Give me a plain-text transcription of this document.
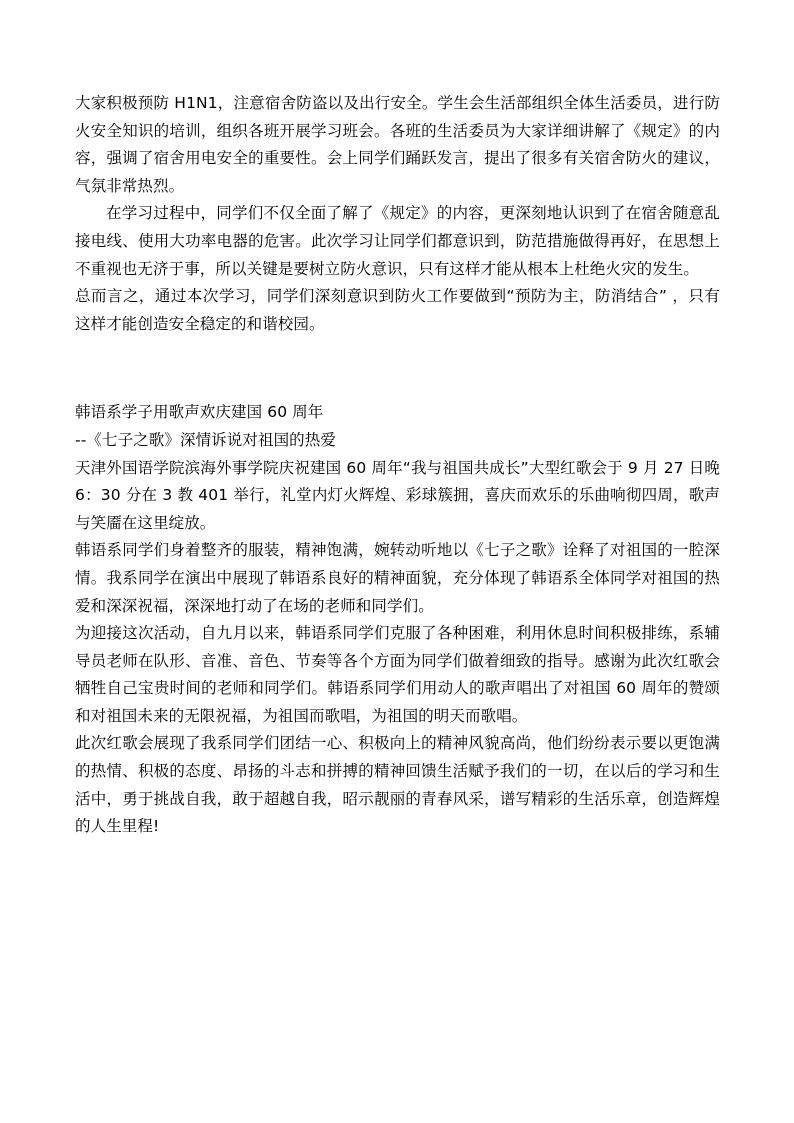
大家积极预防 H1N1，注意宿舍防盗以及出行安全。学生会生活部组织全体生活委员，进行防火安全知识的培训，组织各班开展学习班会。各班的生活委员为大家详细讲解了《规定》的内容，强调了宿舍用电安全的重要性。会上同学们踊跃发言，提出了很多有关宿舍防火的建议，气氛非常热烈。

在学习过程中，同学们不仅全面了解了《规定》的内容，更深刻地认识到了在宿舍随意乱接电线、使用大功率电器的危害。此次学习让同学们都意识到，防范措施做得再好，在思想上不重视也无济于事，所以关键是要树立防火意识，只有这样才能从根本上杜绝火灾的发生。

总而言之，通过本次学习，同学们深刻意识到防火工作要做到“预防为主，防消结合” ，只有这样才能创造安全稳定的和谐校园。

韩语系学子用歌声欢庆建国 60 周年

--《七子之歌》深情诉说对祖国的热爱

天津外国语学院滨海外事学院庆祝建国 60 周年“我与祖国共成长”大型红歌会于 9 月 27 日晚 6：30 分在 3 教 401 举行，礼堂内灯火辉煌、彩球簇拥，喜庆而欢乐的乐曲响彻四周，歌声与笑靥在这里绽放。

韩语系同学们身着整齐的服装，精神饱满，婉转动听地以《七子之歌》诠释了对祖国的一腔深情。我系同学在演出中展现了韩语系良好的精神面貌，充分体现了韩语系全体同学对祖国的热爱和深深祝福，深深地打动了在场的老师和同学们。

为迎接这次活动，自九月以来，韩语系同学们克服了各种困难，利用休息时间积极排练，系辅导员老师在队形、音准、音色、节奏等各个方面为同学们做着细致的指导。感谢为此次红歌会牺牲自己宝贵时间的老师和同学们。韩语系同学们用动人的歌声唱出了对祖国 60 周年的赞颂和对祖国未来的无限祝福，为祖国而歌唱，为祖国的明天而歌唱。

此次红歌会展现了我系同学们团结一心、积极向上的精神风貌高尚，他们纷纷表示要以更饱满的热情、积极的态度、昂扬的斗志和拼搏的精神回馈生活赋予我们的一切，在以后的学习和生活中，勇于挑战自我，敢于超越自我，昭示靓丽的青春风采，谱写精彩的生活乐章，创造辉煌的人生里程!
